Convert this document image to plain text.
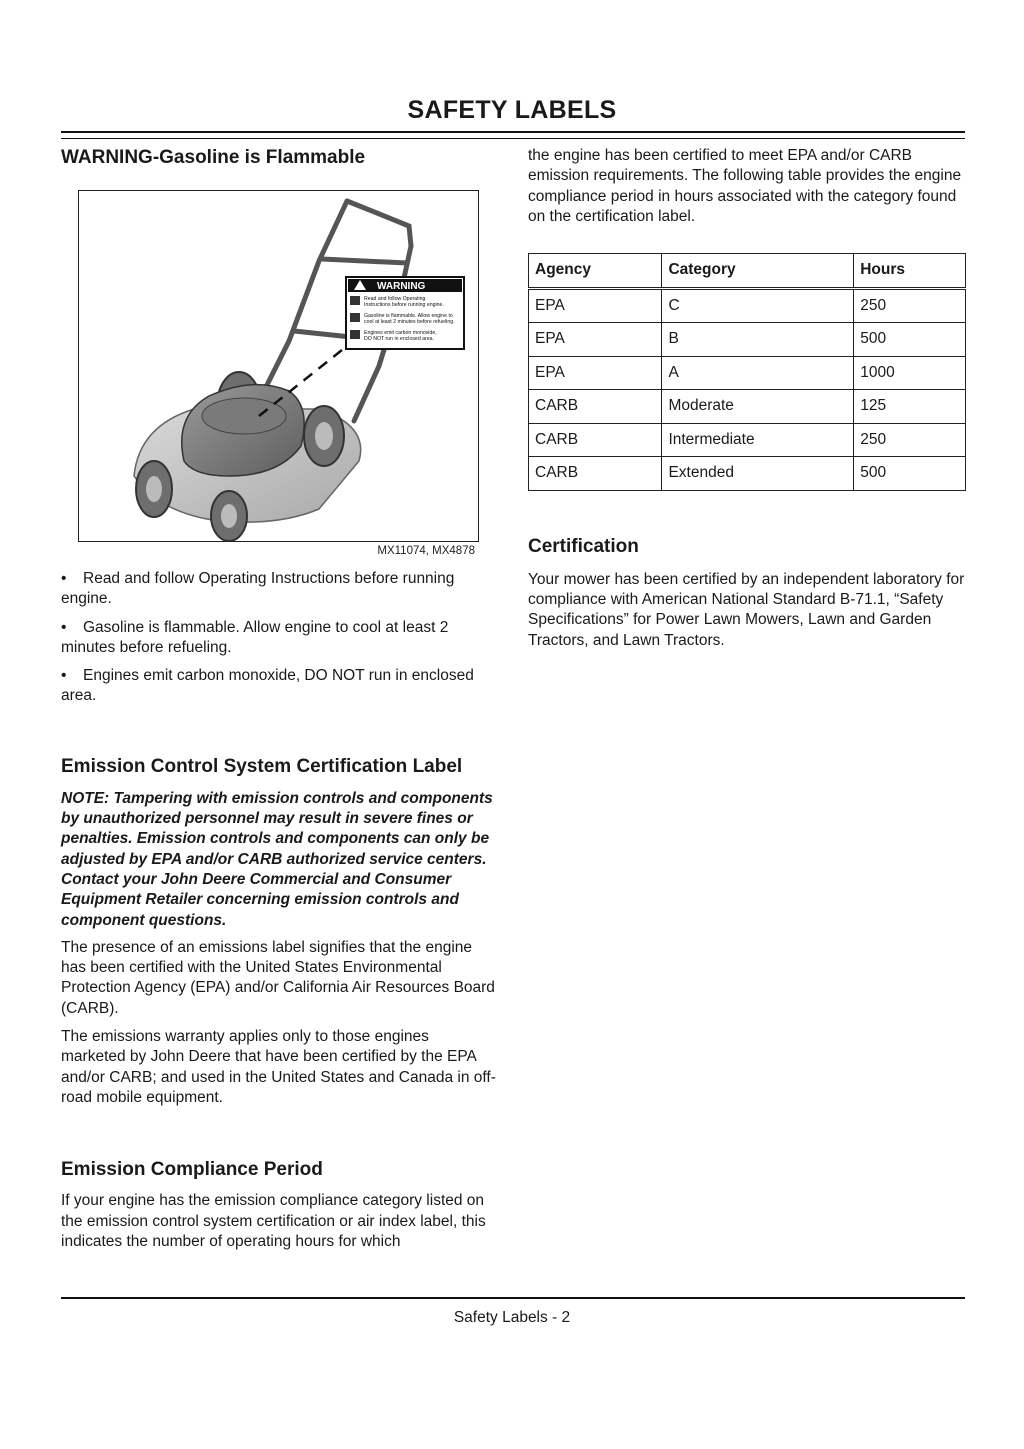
SAFETY LABELS
WARNING-Gasoline is Flammable
WARNING
Read and follow Operating
Instructions before running engine.
Gasoline is flammable. Allow engine to
cool at least 2 minutes before refueling.
Engines emit carbon monoxide,
DO NOT run in enclosed area.
MX11074, MX4878
• Read and follow Operating Instructions before running engine.
• Gasoline is flammable. Allow engine to cool at least 2 minutes before refueling.
• Engines emit carbon monoxide, DO NOT run in enclosed area.
Emission Control System Certification Label
NOTE: Tampering with emission controls and components by unauthorized personnel may result in severe fines or penalties. Emission controls and components can only be adjusted by EPA and/or CARB authorized service centers. Contact your John Deere Commercial and Consumer Equipment Retailer concerning emission controls and component questions.

The presence of an emissions label signifies that the engine has been certified with the United States Environmental Protection Agency (EPA) and/or California Air Resources Board (CARB).

The emissions warranty applies only to those engines marketed by John Deere that have been certified by the EPA and/or CARB; and used in the United States and Canada in off-road mobile equipment.

Emission Compliance Period

If your engine has the emission compliance category listed on the emission control system certification or air index label, this indicates the number of operating hours for which

the engine has been certified to meet EPA and/or CARB emission requirements. The following table provides the engine compliance period in hours associated with the category found on the certification label.

Agency	Category	Hours
EPA	C	250
EPA	B	500
EPA	A	1000
CARB	Moderate	125
CARB	Intermediate	250
CARB	Extended	500
Certification

Your mower has been certified by an independent laboratory for compliance with American National Standard B-71.1, “Safety Specifications” for Power Lawn Mowers, Lawn and Garden Tractors, and Lawn Tractors.

Safety Labels - 2
